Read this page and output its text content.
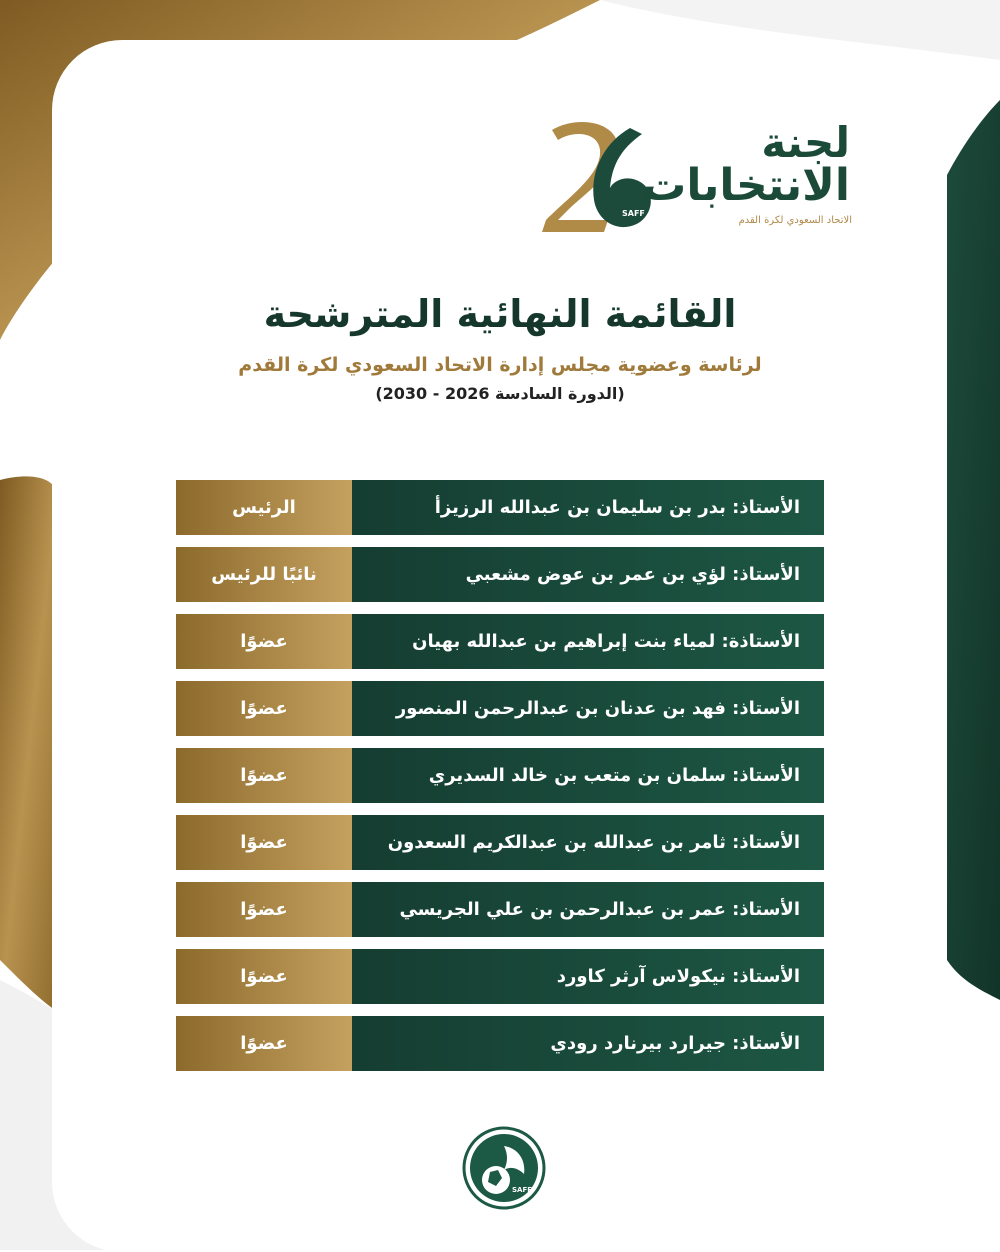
SAFF
لجنة
الانتخابات
الاتحاد السعودي لكرة القدم
القائمة النهائية المترشحة
لرئاسة وعضوية مجلس إدارة الاتحاد السعودي لكرة القدم
(الدورة السادسة 2026 - 2030)
الرئيس	الأستاذ: بدر بن سليمان بن عبدالله الرزيزأ
نائبًا للرئيس	الأستاذ: لؤي بن عمر بن عوض مشعبي
عضوًا	الأستاذة: لمياء بنت إبراهيم بن عبدالله بهيان
عضوًا	الأستاذ: فهد بن عدنان بن عبدالرحمن المنصور
عضوًا	الأستاذ: سلمان بن متعب بن خالد السديري
عضوًا	الأستاذ: ثامر بن عبدالله بن عبدالكريم السعدون
عضوًا	الأستاذ: عمر بن عبدالرحمن بن علي الجريسي
عضوًا	الأستاذ: نيكولاس آرثر كاورد
عضوًا	الأستاذ: جيرارد بيرنارد رودي
SAFF
